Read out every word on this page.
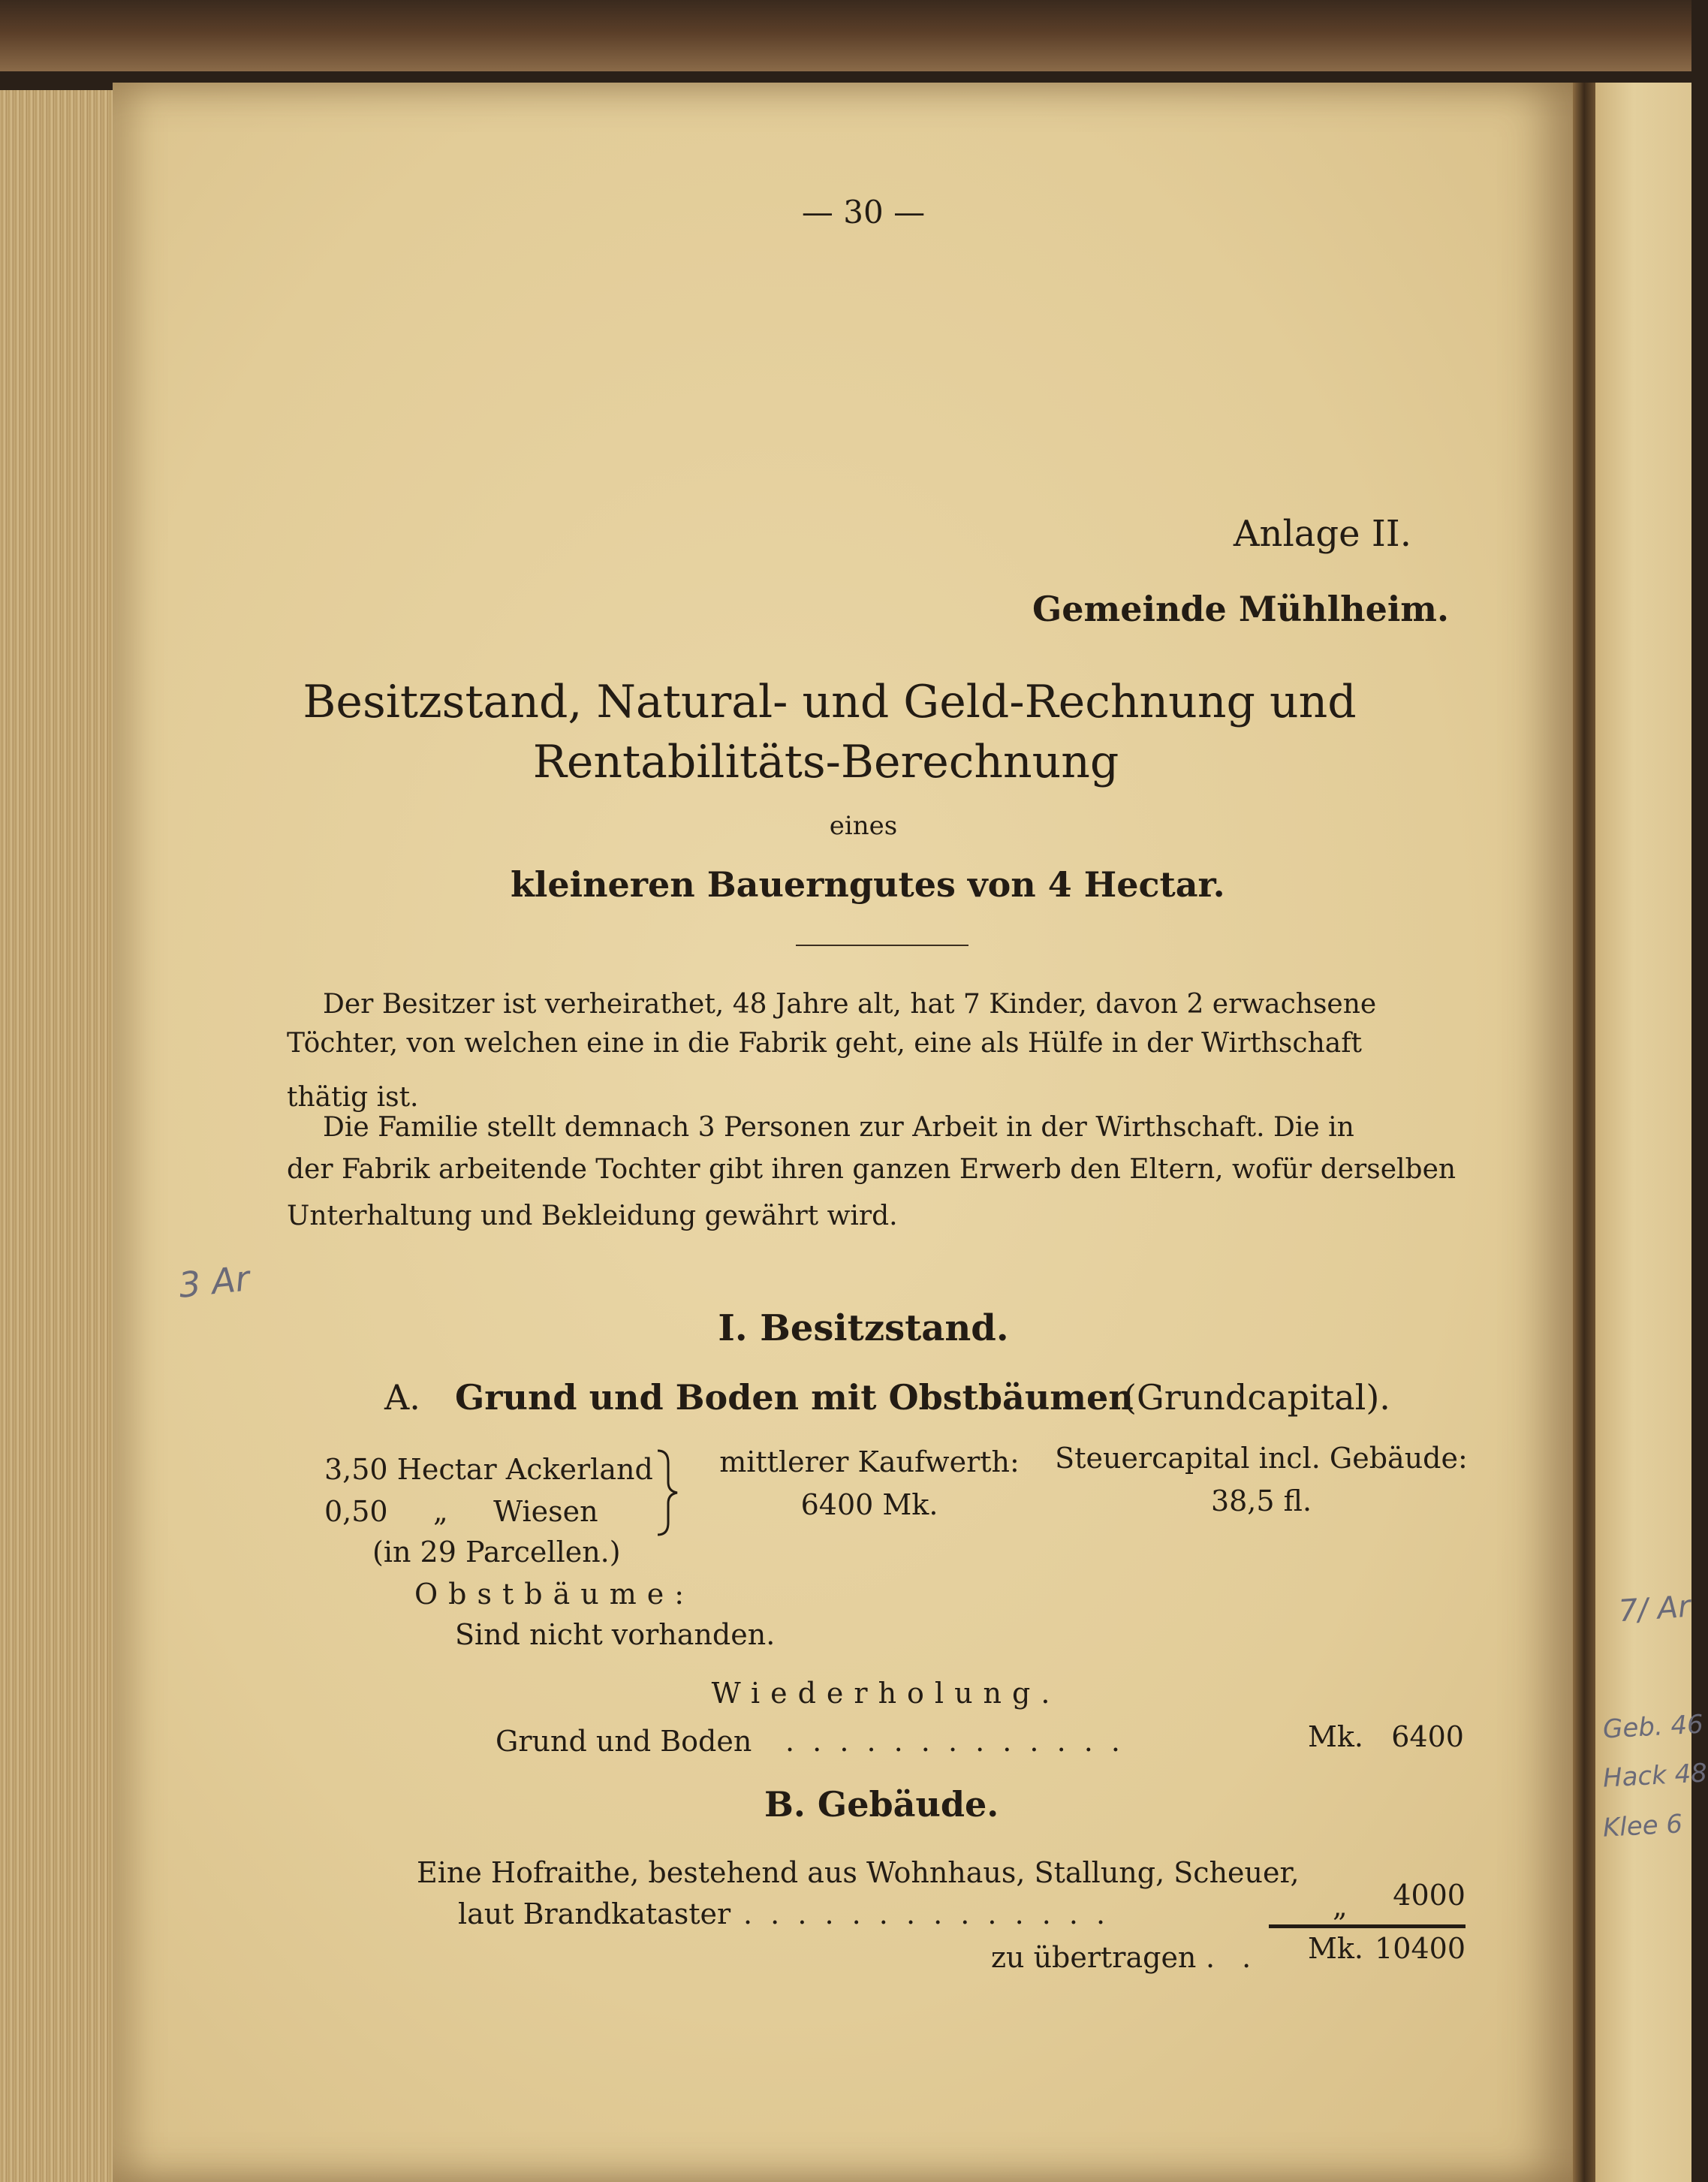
— 30 —
Anlage II.
Gemeinde Mühlheim.
Besitzstand, Natural- und Geld-Rechnung und
Rentabilitäts-Berechnung
eines
kleineren Bauerngutes von 4 Hectar.
Der Besitzer ist verheirathet, 48 Jahre alt, hat 7 Kinder, davon 2 erwachsene
Töchter, von welchen eine in die Fabrik geht, eine als Hülfe in der Wirthschaft
thätig ist.
Die Familie stellt demnach 3 Personen zur Arbeit in der Wirthschaft. Die in
der Fabrik arbeitende Tochter gibt ihren ganzen Erwerb den Eltern, wofür derselben
Unterhaltung und Bekleidung gewährt wird.
I. Besitzstand.
A. Grund und Boden mit Obstbäumen
(Grundcapital).
3,50 Hectar Ackerland
0,50     „     Wiesen
mittlerer Kaufwerth:
6400 Mk.
Steuercapital incl. Gebäude:
38,5 fl.
(in 29 Parcellen.)
Obstbäume:
Sind nicht vorhanden.
Wiederholung.
Grund und Boden . . . . . . . . . . . . .	Mk. 6400
B. Gebäude.
Eine Hofraithe, bestehend aus Wohnhaus, Stallung, Scheuer,
laut Brandkataster . . . . . . . . . . . . . .	„	4000
zu übertragen . . Mk. 10400
3 Ar
7/ Ar
Geb. 46
Hack 48
Klee 6
